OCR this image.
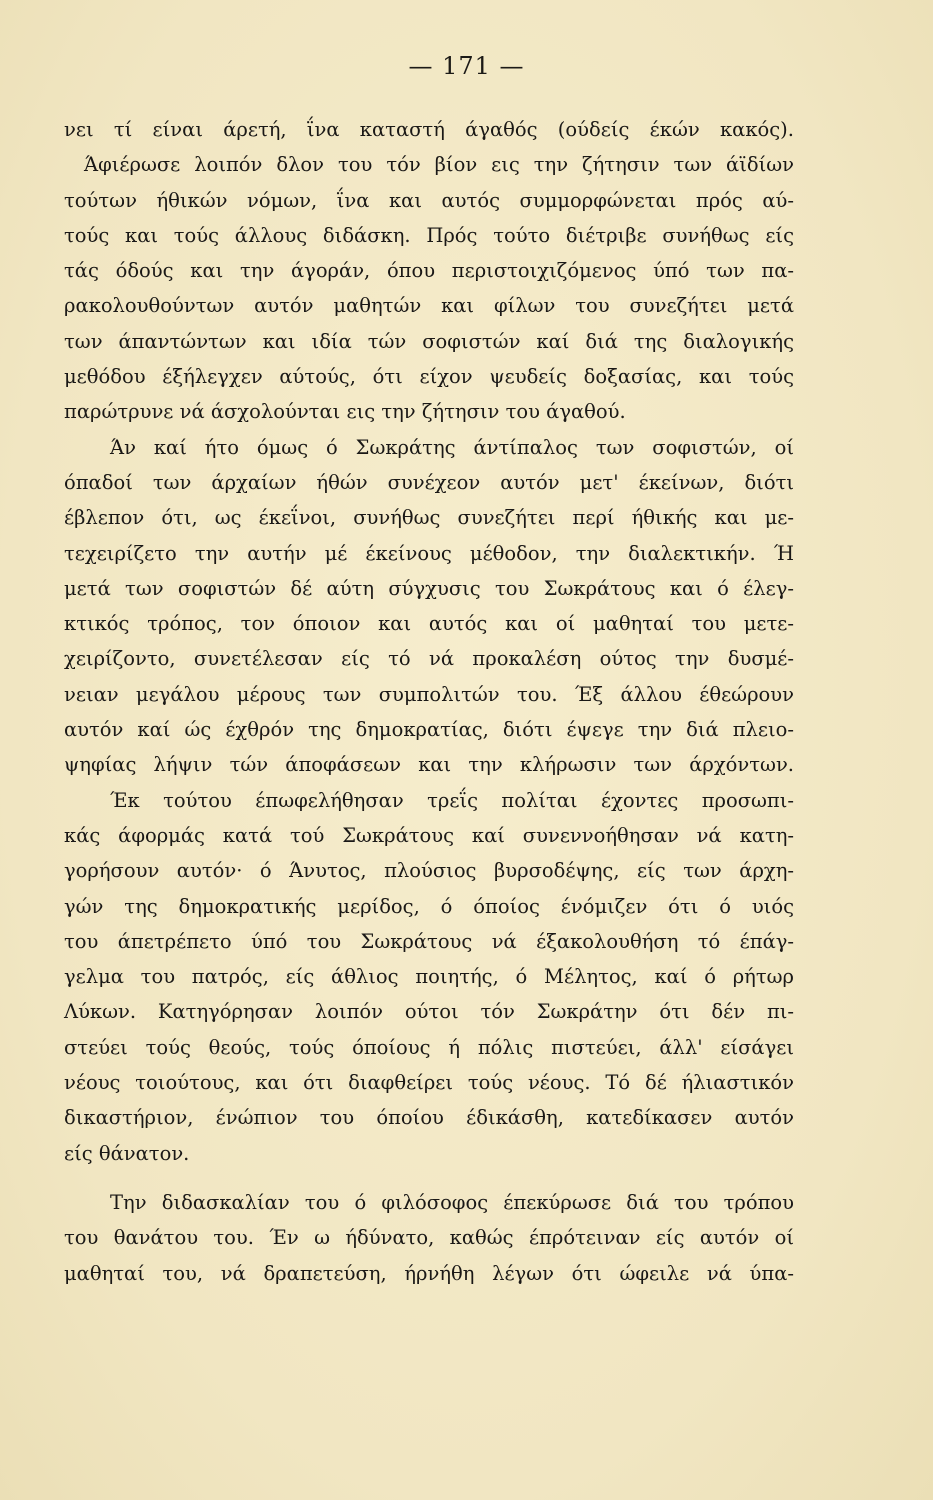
— 171 —
νει τί είναι άρετή, ΐνα καταστή άγαθός (ούδείς έκών κακός).
Άφιέρωσε λοιπόν δλον του τόν βίον εις την ζήτησιν των άϊδίων
τούτων ήθικών νόμων, ΐνα και αυτός συμμορφώνεται πρός αύ-
τούς και τούς άλλους διδάσκη. Πρός τούτο διέτριβε συνήθως είς
τάς όδούς και την άγοράν, όπου περιστοιχιζόμενος ύπό των πα-
ρακολουθούντων αυτόν μαθητών και φίλων του συνεζήτει μετά
των άπαντώντων και ιδία τών σοφιστών καί διά της διαλογικής
μεθόδου έξήλεγχεν αύτούς, ότι είχον ψευδείς δοξασίας, και τούς
παρώτρυνε νά άσχολούνται εις την ζήτησιν του άγαθού.
Άν καί ήτο όμως ό Σωκράτης άντίπαλος των σοφιστών, οί
όπαδοί των άρχαίων ήθών συνέχεον αυτόν μετ' έκείνων, διότι
έβλεπον ότι, ως έκεΐνοι, συνήθως συνεζήτει περί ήθικής και με-
τεχειρίζετο την αυτήν μέ έκείνους μέθοδον, την διαλεκτικήν. Ή
μετά των σοφιστών δέ αύτη σύγχυσις του Σωκράτους και ό έλεγ-
κτικός τρόπος, τον όποιον και αυτός και οί μαθηταί του μετε-
χειρίζοντο, συνετέλεσαν είς τό νά προκαλέση ούτος την δυσμέ-
νειαν μεγάλου μέρους των συμπολιτών του. Έξ άλλου έθεώρουν
αυτόν καί ώς έχθρόν της δημοκρατίας, διότι έψεγε την διά πλειο-
ψηφίας λήψιν τών άποφάσεων και την κλήρωσιν των άρχόντων.
Έκ τούτου έπωφελήθησαν τρεΐς πολίται έχοντες προσωπι-
κάς άφορμάς κατά τού Σωκράτους καί συνεννοήθησαν νά κατη-
γορήσουν αυτόν· ό Άνυτος, πλούσιος βυρσοδέψης, είς των άρχη-
γών της δημοκρατικής μερίδος, ό όποίος ένόμιζεν ότι ό υιός
του άπετρέπετο ύπό του Σωκράτους νά έξακολουθήση τό έπάγ-
γελμα του πατρός, είς άθλιος ποιητής, ό Μέλητος, καί ό ρήτωρ
Λύκων. Κατηγόρησαν λοιπόν ούτοι τόν Σωκράτην ότι δέν πι-
στεύει τούς θεούς, τούς όποίους ή πόλις πιστεύει, άλλ' είσάγει
νέους τοιούτους, και ότι διαφθείρει τούς νέους. Τό δέ ήλιαστικόν
δικαστήριον, ένώπιον του όποίου έδικάσθη, κατεδίκασεν αυτόν
είς θάνατον.
Την διδασκαλίαν του ό φιλόσοφος έπεκύρωσε διά του τρόπου
του θανάτου του. Έν ω ήδύνατο, καθώς έπρότειναν είς αυτόν οί
μαθηταί του, νά δραπετεύση, ήρνήθη λέγων ότι ώφειλε νά ύπα-
